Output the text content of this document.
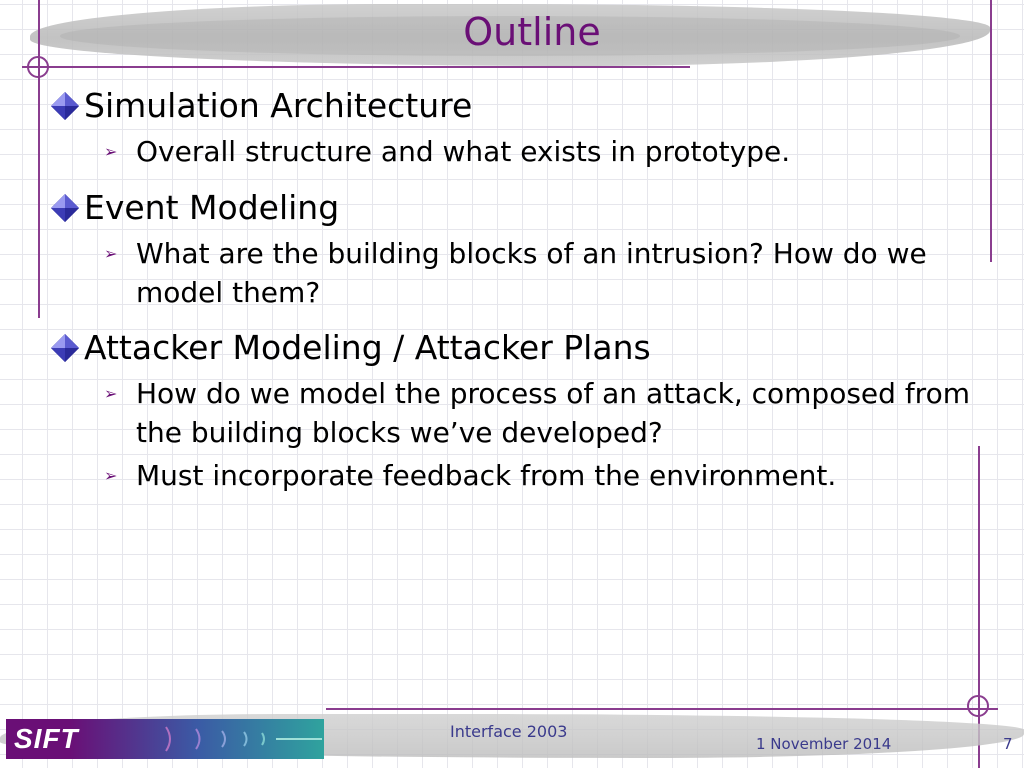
Outline
Simulation Architecture
➢ Overall structure and what exists in prototype.
Event Modeling
➢ What are the building blocks of an intrusion? How do we model them?
Attacker Modeling / Attacker Plans
➢ How do we model the process of an attack, composed from the building blocks we’ve developed?
➢ Must incorporate feedback from the environment.
SIFT	Interface 2003
1 November 2014	7
